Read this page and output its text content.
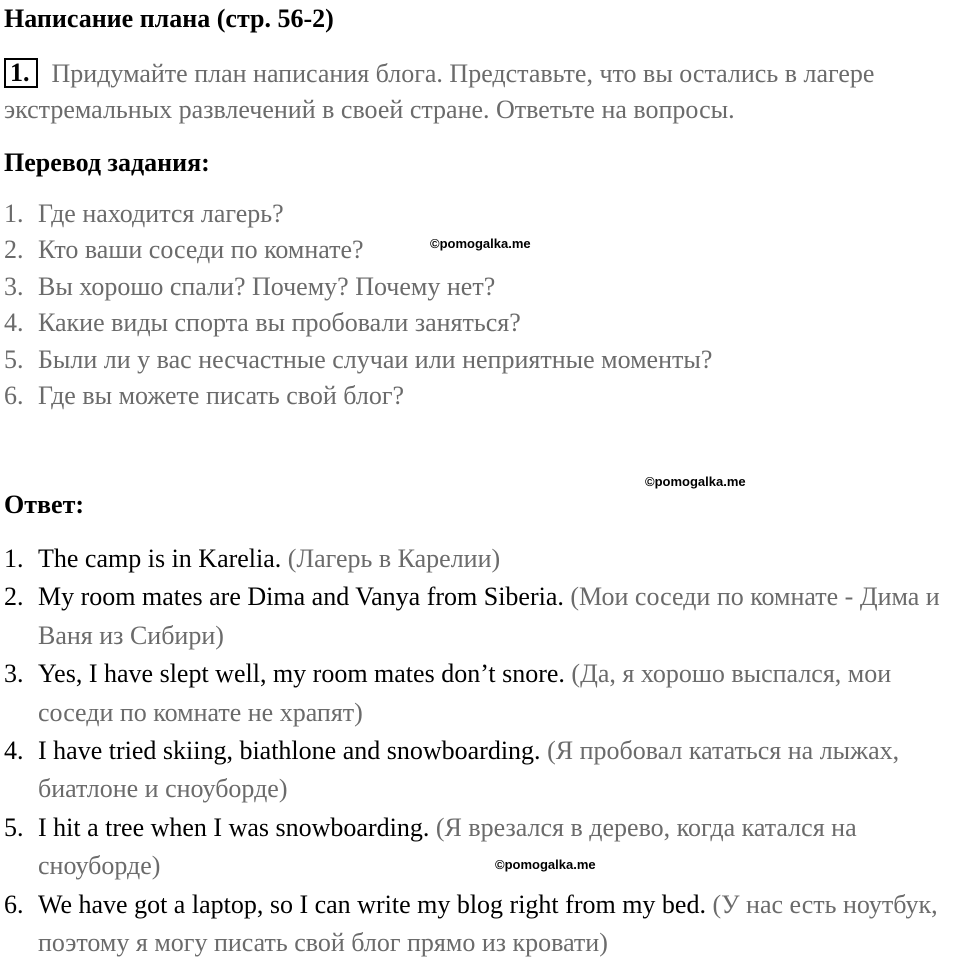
Написание плана (стр. 56-2)
1. Придумайте план написания блога. Представьте, что вы остались в лагере экстремальных развлечений в своей стране. Ответьте на вопросы.
Перевод задания:
1. Где находится лагерь?
2. Кто ваши соседи по комнате?
3. Вы хорошо спали? Почему? Почему нет?
4. Какие виды спорта вы пробовали заняться?
5. Были ли у вас несчастные случаи или неприятные моменты?
6. Где вы можете писать свой блог?
©pomogalka.me
©pomogalka.me
Ответ:
1. The camp is in Karelia. (Лагерь в Карелии)
2. My room mates are Dima and Vanya from Siberia. (Мои соседи по комнате - Дима и Ваня из Сибири)
3. Yes, I have slept well, my room mates don’t snore. (Да, я хорошо выспался, мои соседи по комнате не храпят)
4. I have tried skiing, biathlone and snowboarding. (Я пробовал кататься на лыжах, биатлоне и сноуборде)
5. I hit a tree when I was snowboarding. (Я врезался в дерево, когда катался на сноуборде)
6. We have got a laptop, so I can write my blog right from my bed. (У нас есть ноутбук, поэтому я могу писать свой блог прямо из кровати)
©pomogalka.me
